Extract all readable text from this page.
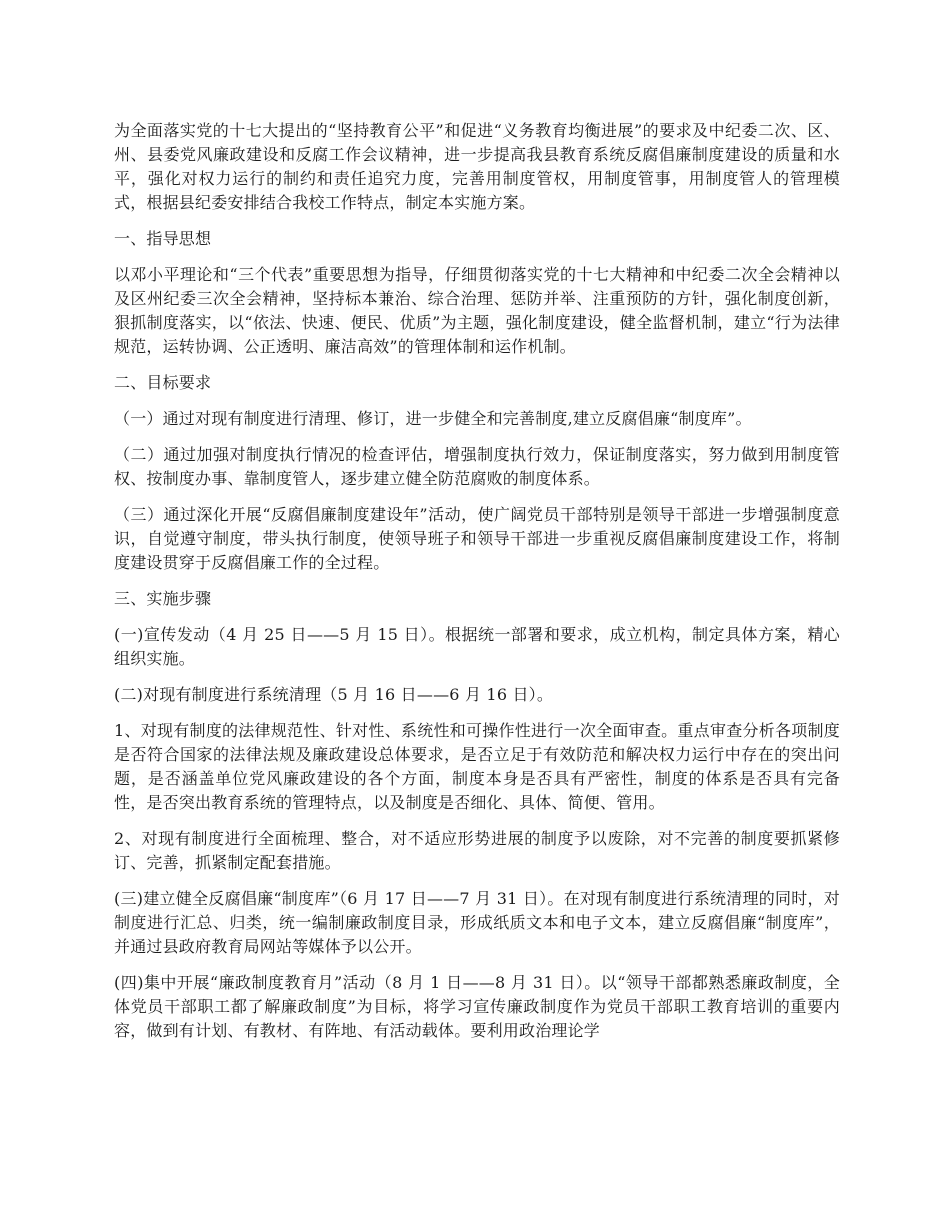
为全面落实党的十七大提出的“坚持教育公平”和促进“义务教育均衡进展”的要求及中纪委二次、区、州、县委党风廉政建设和反腐工作会议精神，进一步提高我县教育系统反腐倡廉制度建设的质量和水平，强化对权力运行的制约和责任追究力度，完善用制度管权，用制度管事，用制度管人的管理模式，根据县纪委安排结合我校工作特点，制定本实施方案。

一、指导思想

以邓小平理论和“三个代表”重要思想为指导，仔细贯彻落实党的十七大精神和中纪委二次全会精神以及区州纪委三次全会精神，坚持标本兼治、综合治理、惩防并举、注重预防的方针，强化制度创新，狠抓制度落实，以“依法、快速、便民、优质”为主题，强化制度建设，健全监督机制，建立“行为法律规范，运转协调、公正透明、廉洁高效”的管理体制和运作机制。

二、目标要求

（一）通过对现有制度进行清理、修订，进一步健全和完善制度,建立反腐倡廉“制度库”。

（二）通过加强对制度执行情况的检查评估，增强制度执行效力，保证制度落实，努力做到用制度管权、按制度办事、靠制度管人，逐步建立健全防范腐败的制度体系。

（三）通过深化开展“反腐倡廉制度建设年”活动，使广阔党员干部特别是领导干部进一步增强制度意识，自觉遵守制度，带头执行制度，使领导班子和领导干部进一步重视反腐倡廉制度建设工作，将制度建设贯穿于反腐倡廉工作的全过程。

三、实施步骤

(一)宣传发动（4 月 25 日——5 月 15 日）。根据统一部署和要求，成立机构，制定具体方案，精心组织实施。

(二)对现有制度进行系统清理（5 月 16 日——6 月 16 日）。

1、对现有制度的法律规范性、针对性、系统性和可操作性进行一次全面审查。重点审查分析各项制度是否符合国家的法律法规及廉政建设总体要求，是否立足于有效防范和解决权力运行中存在的突出问题，是否涵盖单位党风廉政建设的各个方面，制度本身是否具有严密性，制度的体系是否具有完备性，是否突出教育系统的管理特点，以及制度是否细化、具体、简便、管用。

2、对现有制度进行全面梳理、整合，对不适应形势进展的制度予以废除，对不完善的制度要抓紧修订、完善，抓紧制定配套措施。

(三)建立健全反腐倡廉“制度库”（6 月 17 日——7 月 31 日）。在对现有制度进行系统清理的同时，对制度进行汇总、归类，统一编制廉政制度目录，形成纸质文本和电子文本，建立反腐倡廉“制度库”，并通过县政府教育局网站等媒体予以公开。

(四)集中开展“廉政制度教育月”活动（8 月 1 日——8 月 31 日）。以“领导干部都熟悉廉政制度，全体党员干部职工都了解廉政制度”为目标，将学习宣传廉政制度作为党员干部职工教育培训的重要内容，做到有计划、有教材、有阵地、有活动载体。要利用政治理论学
